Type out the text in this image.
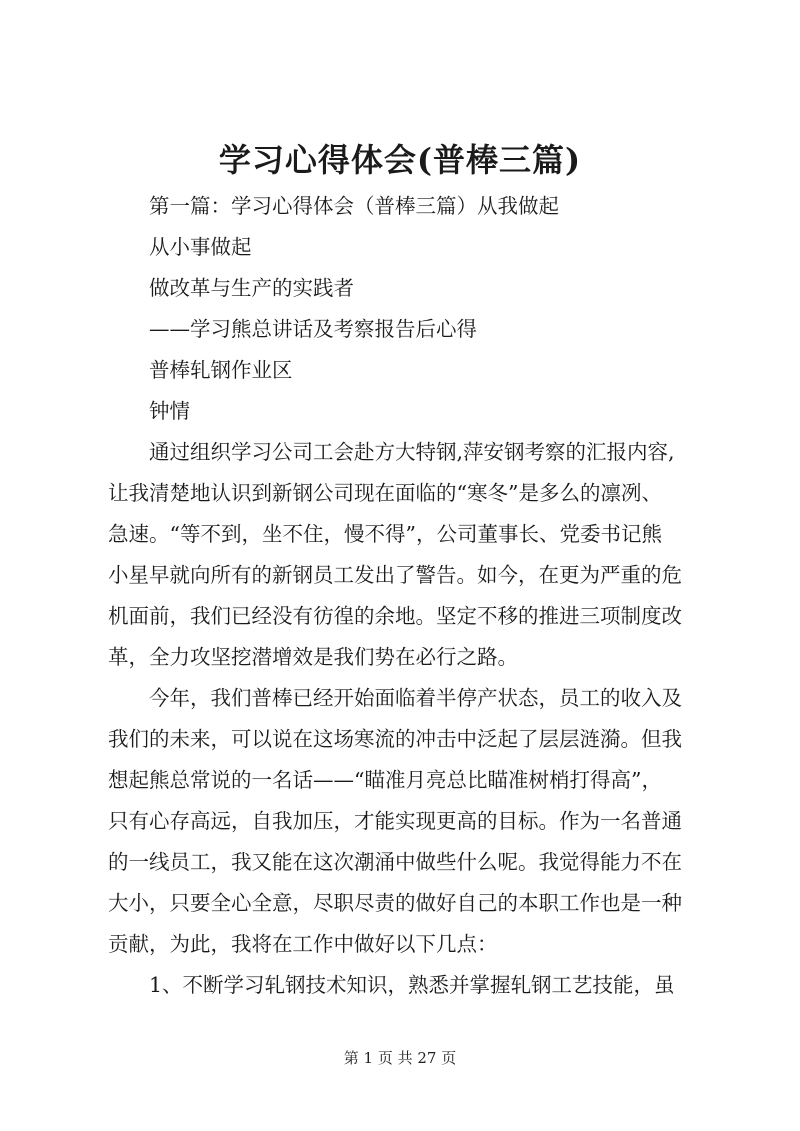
学习心得体会(普棒三篇)

第一篇：学习心得体会（普棒三篇）从我做起

从小事做起

做改革与生产的实践者

——学习熊总讲话及考察报告后心得

普棒轧钢作业区

钟情

通过组织学习公司工会赴方大特钢,萍安钢考察的汇报内容,

让我清楚地认识到新钢公司现在面临的“寒冬”是多么的凛冽、

急速。“等不到，坐不住，慢不得”，公司董事长、党委书记熊

小星早就向所有的新钢员工发出了警告。如今，在更为严重的危

机面前，我们已经没有彷徨的余地。坚定不移的推进三项制度改

革，全力攻坚挖潜增效是我们势在必行之路。

今年，我们普棒已经开始面临着半停产状态，员工的收入及

我们的未来，可以说在这场寒流的冲击中泛起了层层涟漪。但我

想起熊总常说的一名话——“瞄准月亮总比瞄准树梢打得高”，

只有心存高远，自我加压，才能实现更高的目标。作为一名普通

的一线员工，我又能在这次潮涌中做些什么呢。我觉得能力不在

大小，只要全心全意，尽职尽责的做好自己的本职工作也是一种

贡献，为此，我将在工作中做好以下几点：

1、不断学习轧钢技术知识，熟悉并掌握轧钢工艺技能，虽

第 1 页 共 27 页
